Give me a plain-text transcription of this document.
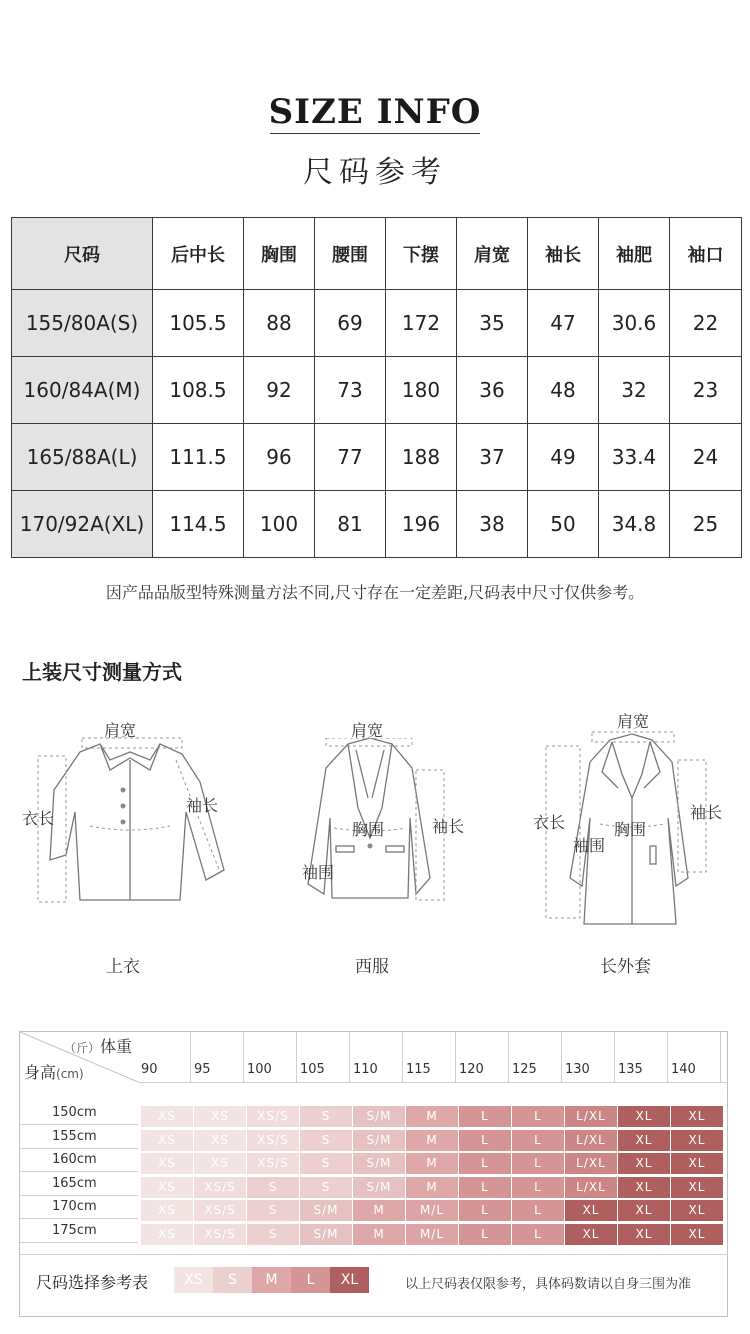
SIZE INFO
尺码参考
尺码	后中长	胸围	腰围	下摆	肩宽	袖长	袖肥	袖口
155/80A(S)	105.5	88	69	172	35	47	30.6	22
160/84A(M)	108.5	92	73	180	36	48	32	23
165/88A(L)	111.5	96	77	188	37	49	33.4	24
170/92A(XL)	114.5	100	81	196	38	50	34.8	25
因产品品版型特殊测量方法不同,尺寸存在一定差距,尺码表中尺寸仅供参考。
上装尺寸测量方式
肩宽
衣长
袖长
上衣
肩宽
胸围	袖长
袖围
西服
肩宽
衣长	胸围
袖长
袖围
长外套
（斤）体重
身高(cm)
尺码选择参考表	以上尺码表仅限参考，具体码数请以自身三围为准
90	95	100 105 110 115 120 125 130 135 140
150cm	XS	XS	XS/S	S	S/M	M	L	L	L/XL	XL	XL
155cm	XS	XS	XS/S	S	S/M	M	L	L	L/XL	XL	XL
160cm	XS	XS	XS/S	S	S/M	M	L	L	L/XL	XL	XL
165cm	XS	XS/S	S	S	S/M	M	L	L	L/XL	XL	XL
170cm	XS	XS/S	S	S/M	M	M/L	L	L	XL	XL	XL
175cm	XS	XS/S	S	S/M	M	M/L	L	L	XL	XL	XL
XS	S	M	L	XL
